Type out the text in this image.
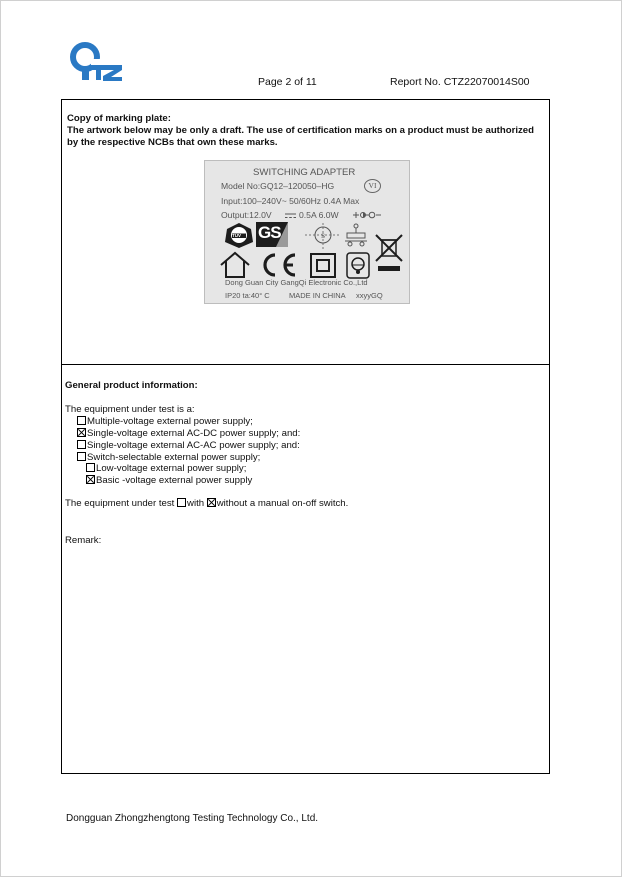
Page 2 of 11	Report No. CTZ22070014S00
Copy of marking plate:
The artwork below may be only a draft. The use of certification marks on a product must be authorized by the respective NCBs that own these marks.
SWITCHING ADAPTER
Model No:GQ12–120050–HG	VI
Input:100–240V~ 50/60Hz 0.4A Max
Output:12.0V	0.5A 6.0W
TÜV GS	S
Dong Guan City GangQi Electronic Co.,Ltd
IP20 ta:40° C	MADE IN CHINA xxyyGQ
General product information:
The equipment under test is a:
Multiple-voltage external power supply;
Single-voltage external AC-DC power supply; and:
Single-voltage external AC-AC power supply; and:
Switch-selectable external power supply;
Low-voltage external power supply;
Basic -voltage external power supply
The equipment under test with without a manual on-off switch.
Remark:
Dongguan Zhongzhengtong Testing Technology Co., Ltd.
